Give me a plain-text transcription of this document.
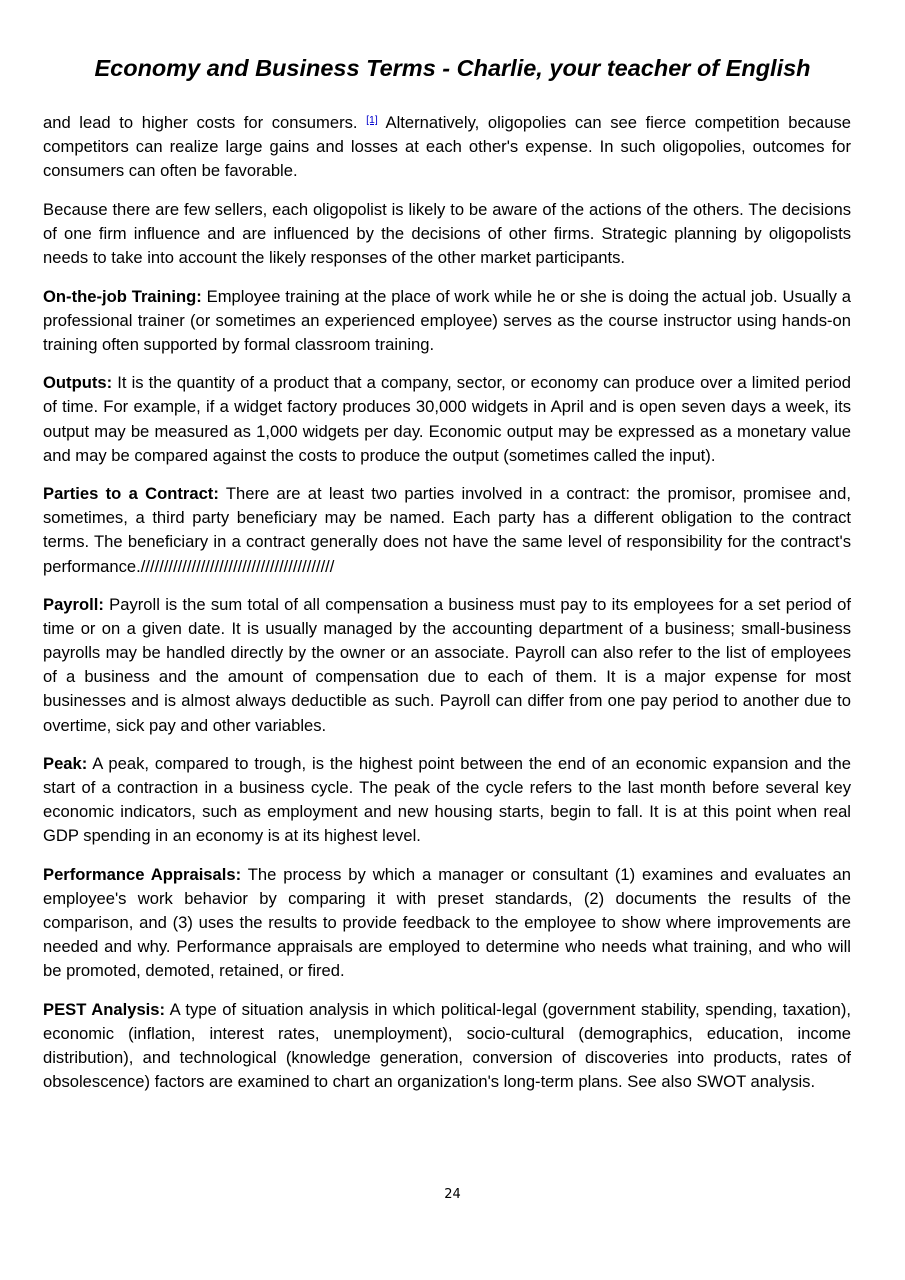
Economy and Business Terms - Charlie, your teacher of English

and lead to higher costs for consumers. [1] Alternatively, oligopolies can see fierce competition because competitors can realize large gains and losses at each other's expense. In such oligopolies, outcomes for consumers can often be favorable.

Because there are few sellers, each oligopolist is likely to be aware of the actions of the others. The decisions of one firm influence and are influenced by the decisions of other firms. Strategic planning by oligopolists needs to take into account the likely responses of the other market participants.

On-the-job Training: Employee training at the place of work while he or she is doing the actual job. Usually a professional trainer (or sometimes an experienced employee) serves as the course instructor using hands-on training often supported by formal classroom training.

Outputs: It is the quantity of a product that a company, sector, or economy can produce over a limited period of time. For example, if a widget factory produces 30,000 widgets in April and is open seven days a week, its output may be measured as 1,000 widgets per day. Economic output may be expressed as a monetary value and may be compared against the costs to produce the output (sometimes called the input).

Parties to a Contract: There are at least two parties involved in a contract: the promisor, promisee and, sometimes, a third party beneficiary may be named. Each party has a different obligation to the contract terms. The beneficiary in a contract generally does not have the same level of responsibility for the contract's performance.//////////////////////////////////////////

Payroll: Payroll is the sum total of all compensation a business must pay to its employees for a set period of time or on a given date. It is usually managed by the accounting department of a business; small-business payrolls may be handled directly by the owner or an associate. Payroll can also refer to the list of employees of a business and the amount of compensation due to each of them. It is a major expense for most businesses and is almost always deductible as such. Payroll can differ from one pay period to another due to overtime, sick pay and other variables.

Peak: A peak, compared to trough, is the highest point between the end of an economic expansion and the start of a contraction in a business cycle. The peak of the cycle refers to the last month before several key economic indicators, such as employment and new housing starts, begin to fall. It is at this point when real GDP spending in an economy is at its highest level.

Performance Appraisals: The process by which a manager or consultant (1) examines and evaluates an employee's work behavior by comparing it with preset standards, (2) documents the results of the comparison, and (3) uses the results to provide feedback to the employee to show where improvements are needed and why. Performance appraisals are employed to determine who needs what training, and who will be promoted, demoted, retained, or fired.

PEST Analysis: A type of situation analysis in which political-legal (government stability, spending, taxation), economic (inflation, interest rates, unemployment), socio-cultural (demographics, education, income distribution), and technological (knowledge generation, conversion of discoveries into products, rates of obsolescence) factors are examined to chart an organization's long-term plans. See also SWOT analysis.

24
